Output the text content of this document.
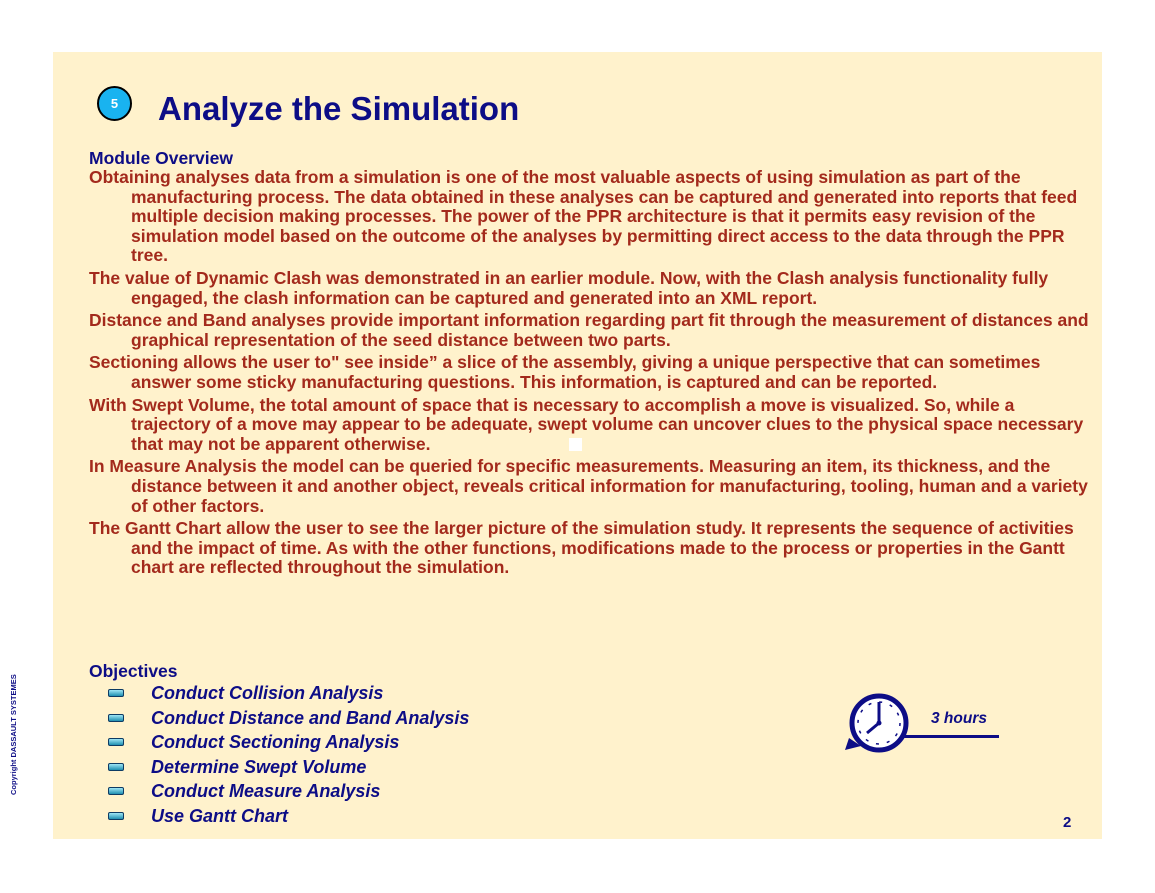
5 Analyze the Simulation

Module Overview

Obtaining analyses data from a simulation is one of the most valuable aspects of using simulation as part of the manufacturing process. The data obtained in these analyses can be captured and generated into reports that feed multiple decision making processes. The power of the PPR architecture is that it permits easy revision of the simulation model based on the outcome of the analyses by permitting direct access to the data through the PPR tree.

The value of Dynamic Clash was demonstrated in an earlier module. Now, with the Clash analysis functionality fully engaged, the clash information can be captured and generated into an XML report.

Distance and Band analyses provide important information regarding part fit through the measurement of distances and graphical representation of the seed distance between two parts.

Sectioning allows the user to" see inside” a slice of the assembly, giving a unique perspective that can sometimes answer some sticky manufacturing questions. This information, is captured and can be reported.

With Swept Volume, the total amount of space that is necessary to accomplish a move is visualized. So, while a trajectory of a move may appear to be adequate, swept volume can uncover clues to the physical space necessary that may not be apparent otherwise.

In Measure Analysis the model can be queried for specific measurements. Measuring an item, its thickness, and the distance between it and another object, reveals critical information for manufacturing, tooling, human and a variety of other factors.

The Gantt Chart allow the user to see the larger picture of the simulation study. It represents the sequence of activities and the impact of time. As with the other functions, modifications made to the process or properties in the Gantt chart are reflected throughout the simulation.

Objectives

Conduct Collision Analysis
Conduct Distance and Band Analysis
Conduct Sectioning Analysis
Determine Swept Volume
Conduct Measure Analysis
Use Gantt Chart
3 hours
2
Copyright DASSAULT SYSTEMES
